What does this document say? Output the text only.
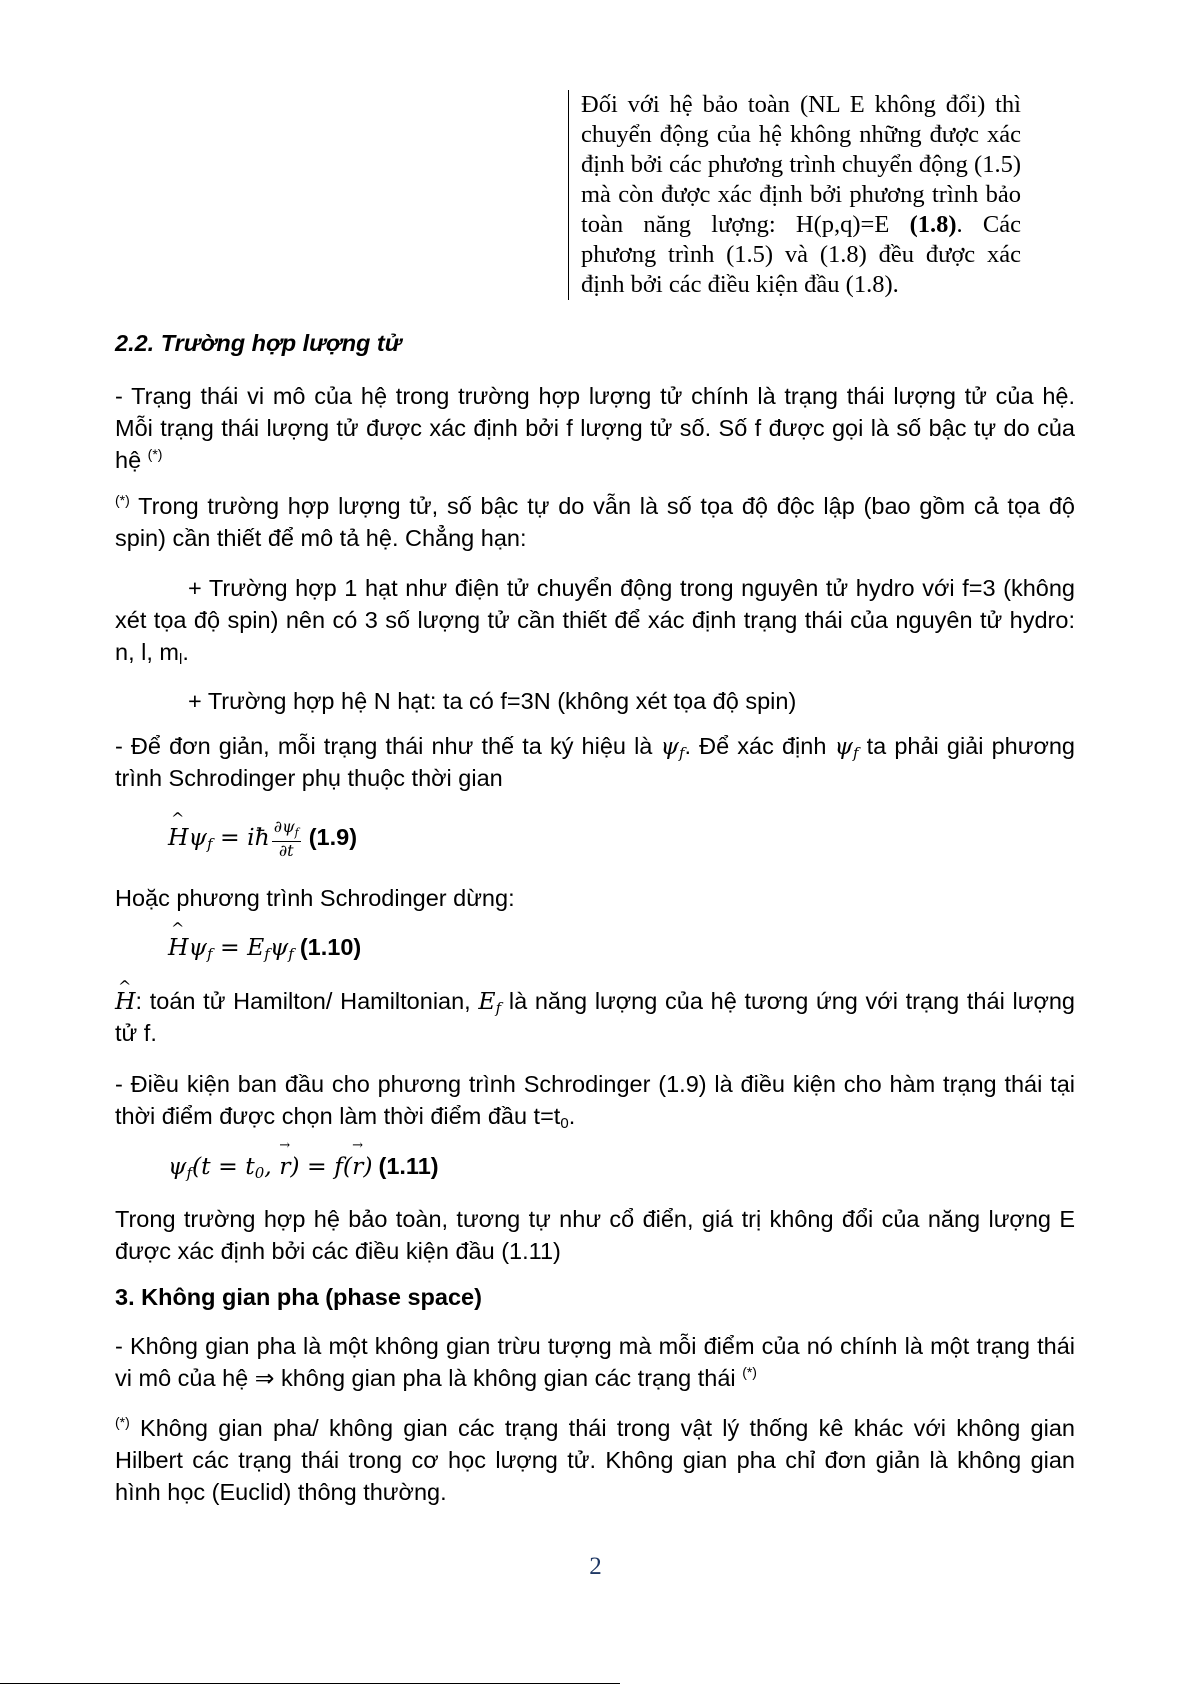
Đối với hệ bảo toàn (NL E không đổi) thì chuyển động của hệ không những được xác định bởi các phương trình chuyển động (1.5) mà còn được xác định bởi phương trình bảo toàn năng lượng: H(p,q)=E (1.8). Các phương trình (1.5) và (1.8) đều được xác định bởi các điều kiện đầu (1.8).
2.2. Trường hợp lượng tử
- Trạng thái vi mô của hệ trong trường hợp lượng tử chính là trạng thái lượng tử của hệ. Mỗi trạng thái lượng tử được xác định bởi f lượng tử số. Số f được gọi là số bậc tự do của hệ (*)
(*) Trong trường hợp lượng tử, số bậc tự do vẫn là số tọa độ độc lập (bao gồm cả tọa độ spin) cần thiết để mô tả hệ. Chẳng hạn:
+ Trường hợp 1 hạt như điện tử chuyển động trong nguyên tử hydro với f=3 (không xét tọa độ spin) nên có 3 số lượng tử cần thiết để xác định trạng thái của nguyên tử hydro: n, l, $m_l$.
+ Trường hợp hệ N hạt: ta có f=3N (không xét tọa độ spin)
- Để đơn giản, mỗi trạng thái như thế ta ký hiệu là $\psi_f$. Để xác định $\psi_f$ ta phải giải phương trình Schrodinger phụ thuộc thời gian
^ $H\psi_f$ = iħ $\frac{\partial\psi_f}{\partial t} (1.9)$
Hoặc phương trình Schrodinger dừng:
^ $H\psi_f = E_f\psi_f$ (1.10)
^ H: toán tử Hamilton/ Hamiltonian, $E_f$ là năng lượng của hệ tương ứng với trạng thái lượng tử f.
- Điều kiện ban đầu cho phương trình Schrodinger (1.9) là điều kiện cho hàm trạng thái tại thời điểm được chọn làm thời điểm đầu $t=t_0$.
$\psi_f(t = t_0$, → r) = f(→ r) (1.11)
Trong trường hợp hệ bảo toàn, tương tự như cổ điển, giá trị không đổi của năng lượng E được xác định bởi các điều kiện đầu (1.11)
3. Không gian pha (phase space)
- Không gian pha là một không gian trừu tượng mà mỗi điểm của nó chính là một trạng thái vi mô của hệ ⇒ không gian pha là không gian các trạng thái (*)
(*) Không gian pha/ không gian các trạng thái trong vật lý thống kê khác với không gian Hilbert các trạng thái trong cơ học lượng tử. Không gian pha chỉ đơn giản là không gian hình học (Euclid) thông thường.
2
